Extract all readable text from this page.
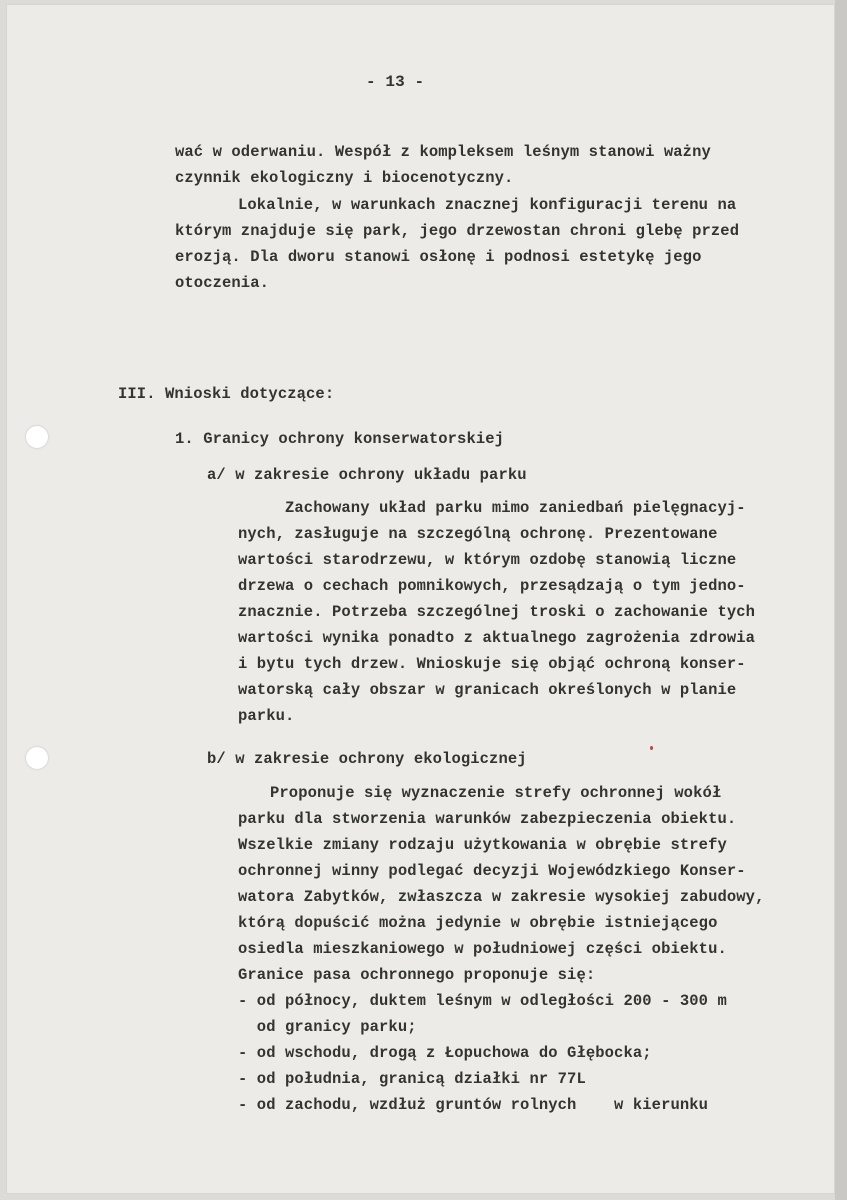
- 13 -
wać w oderwaniu. Wespół z kompleksem leśnym stanowi ważny
czynnik ekologiczny i biocenotyczny.
Lokalnie, w warunkach znacznej konfiguracji terenu na
którym znajduje się park, jego drzewostan chroni glebę przed
erozją. Dla dworu stanowi osłonę i podnosi estetykę jego
otoczenia.
III. Wnioski dotyczące:
1. Granicy ochrony konserwatorskiej
a/ w zakresie ochrony układu parku
Zachowany układ parku mimo zaniedbań pielęgnacyj-
nych, zasługuje na szczególną ochronę. Prezentowane
wartości starodrzewu, w którym ozdobę stanowią liczne
drzewa o cechach pomnikowych, przesądzają o tym jedno-
znacznie. Potrzeba szczególnej troski o zachowanie tych
wartości wynika ponadto z aktualnego zagrożenia zdrowia
i bytu tych drzew. Wnioskuje się objąć ochroną konser-
watorską cały obszar w granicach określonych w planie
parku.
b/ w zakresie ochrony ekologicznej
Proponuje się wyznaczenie strefy ochronnej wokół
parku dla stworzenia warunków zabezpieczenia obiektu.
Wszelkie zmiany rodzaju użytkowania w obrębie strefy
ochronnej winny podlegać decyzji Wojewódzkiego Konser-
watora Zabytków, zwłaszcza w zakresie wysokiej zabudowy,
którą dopuścić można jedynie w obrębie istniejącego
osiedla mieszkaniowego w południowej części obiektu.
Granice pasa ochronnego proponuje się:
- od północy, duktem leśnym w odległości 200 - 300 m
od granicy parku;
- od wschodu, drogą z Łopuchowa do Głębocka;
- od południa, granicą działki nr 77L
- od zachodu, wzdłuż gruntów rolnych    w kierunku
